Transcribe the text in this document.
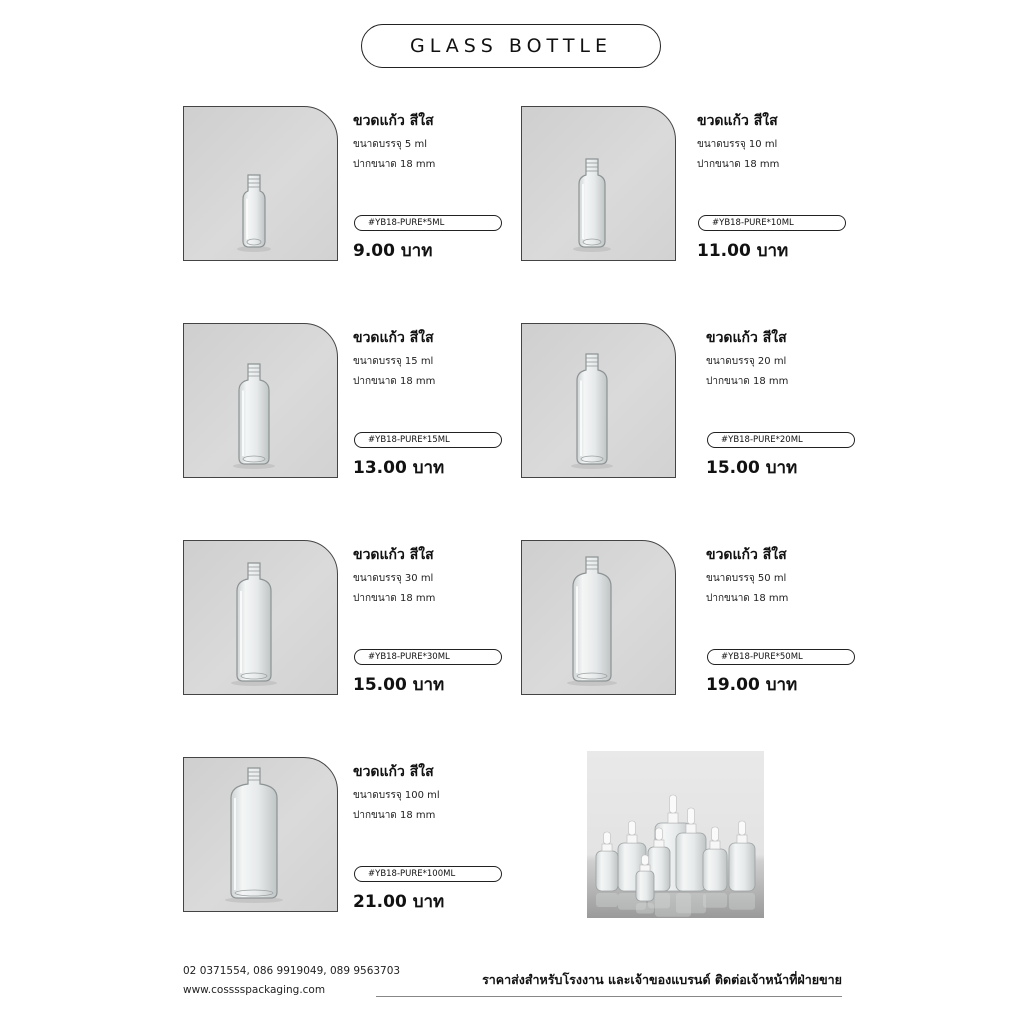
GLASS BOTTLE
ขวดแก้ว สีใส
ขนาดบรรจุ 5 ml
ปากขนาด 18 mm
#YB18-PURE*5ML
9.00 บาท
ขวดแก้ว สีใส
ขนาดบรรจุ 10 ml
ปากขนาด 18 mm
#YB18-PURE*10ML
11.00 บาท
ขวดแก้ว สีใส
ขนาดบรรจุ 15 ml
ปากขนาด 18 mm
#YB18-PURE*15ML
13.00 บาท
ขวดแก้ว สีใส
ขนาดบรรจุ 20 ml
ปากขนาด 18 mm
#YB18-PURE*20ML
15.00 บาท
ขวดแก้ว สีใส
ขนาดบรรจุ 30 ml
ปากขนาด 18 mm
#YB18-PURE*30ML
15.00 บาท
ขวดแก้ว สีใส
ขนาดบรรจุ 50 ml
ปากขนาด 18 mm
#YB18-PURE*50ML
19.00 บาท
ขวดแก้ว สีใส
ขนาดบรรจุ 100 ml
ปากขนาด 18 mm
#YB18-PURE*100ML
21.00 บาท
02 0371554, 086 9919049, 089 9563703
www.cosssspackaging.com
ราคาส่งสำหรับโรงงาน และเจ้าของแบรนด์ ติดต่อเจ้าหน้าที่ฝ่ายขาย
